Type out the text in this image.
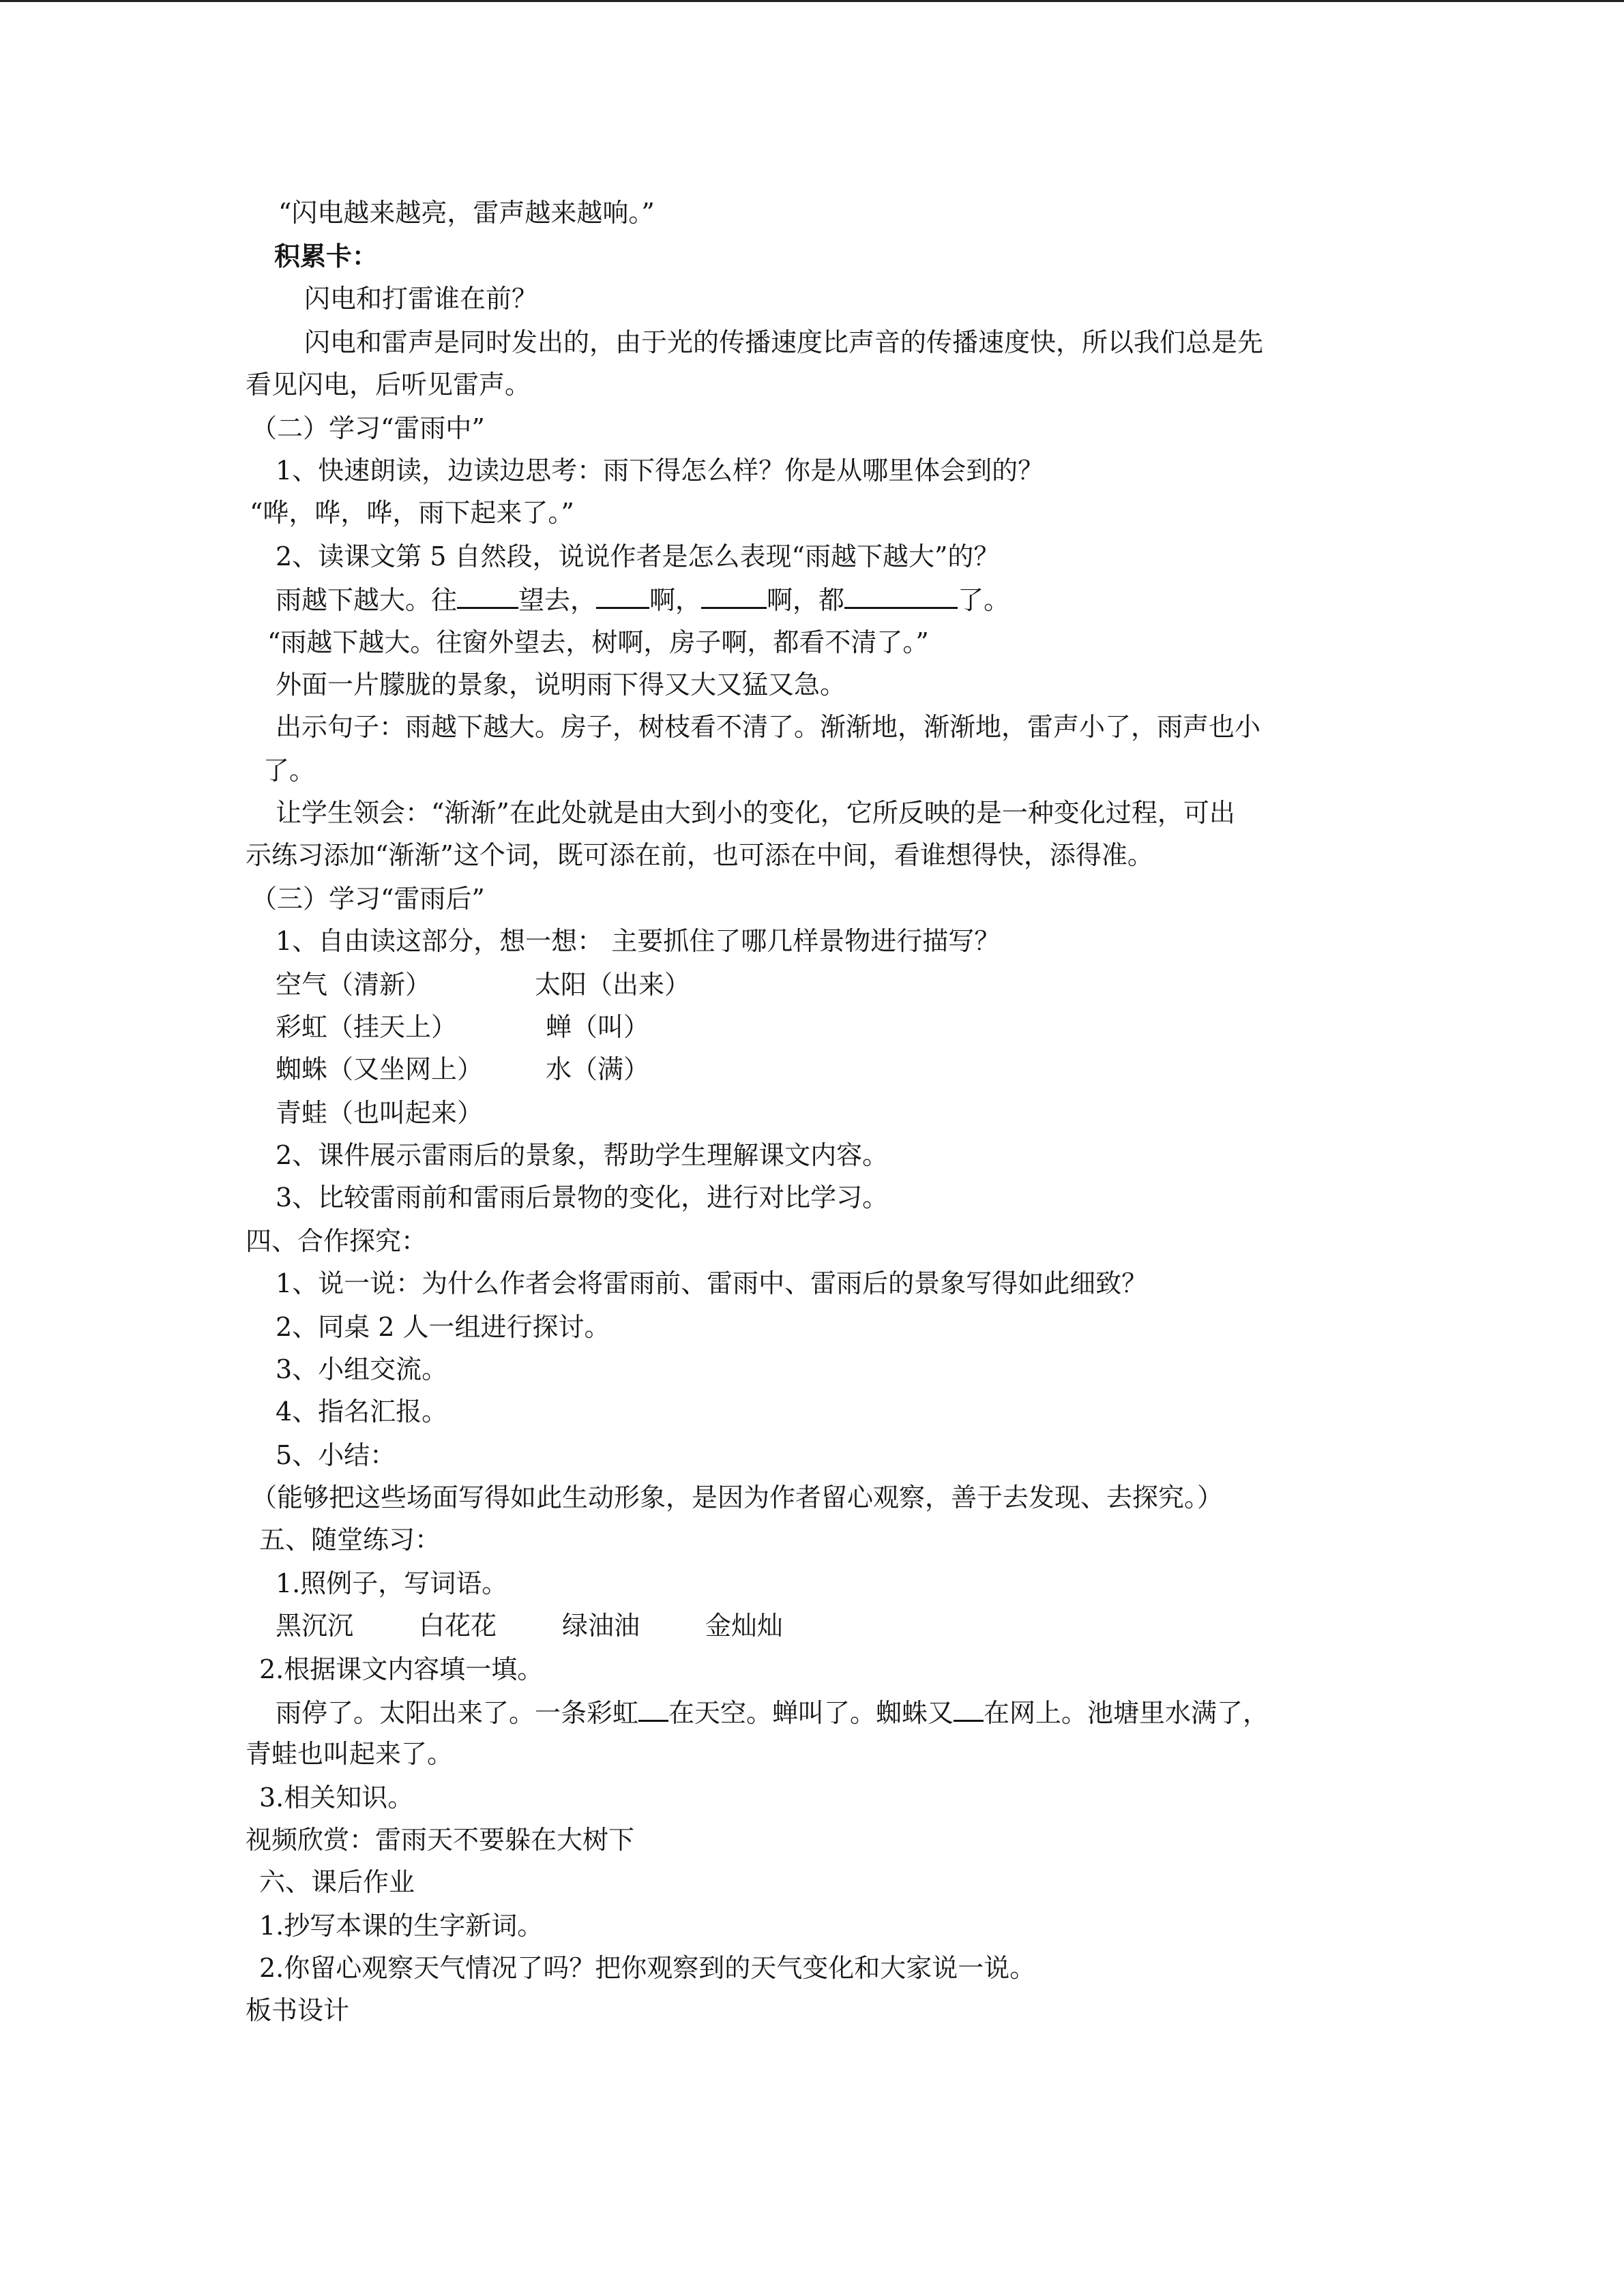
“闪电越来越亮，雷声越来越响。”
积累卡：
闪电和打雷谁在前？
闪电和雷声是同时发出的，由于光的传播速度比声音的传播速度快，所以我们总是先
看见闪电，后听见雷声。
（二）学习“雷雨中”
1、快速朗读，边读边思考：雨下得怎么样？你是从哪里体会到的？
“哗，哗，哗，雨下起来了。”
2、读课文第 5 自然段，说说作者是怎么表现“雨越下越大”的？
雨越下越大。往 望去， 啊，	啊，都	了。
“雨越下越大。往窗外望去，树啊，房子啊，都看不清了。”
外面一片朦胧的景象，说明雨下得又大又猛又急。
出示句子：雨越下越大。房子，树枝看不清了。渐渐地，渐渐地，雷声小了，雨声也小
了。
让学生领会：“渐渐”在此处就是由大到小的变化，它所反映的是一种变化过程，可出
示练习添加“渐渐”这个词，既可添在前，也可添在中间，看谁想得快，添得准。
（三）学习“雷雨后”
1、自由读这部分，想一想： 主要抓住了哪几样景物进行描写？
空气（清新）	太阳（出来）
彩虹（挂天上）	蝉（叫）
蜘蛛（又坐网上） 水（满）
青蛙（也叫起来）
2、课件展示雷雨后的景象，帮助学生理解课文内容。
3、比较雷雨前和雷雨后景物的变化，进行对比学习。
四、合作探究：
1、说一说：为什么作者会将雷雨前、雷雨中、雷雨后的景象写得如此细致？
2、同桌 2 人一组进行探讨。
3、小组交流。
4、指名汇报。
5、小结：
（能够把这些场面写得如此生动形象，是因为作者留心观察，善于去发现、去探究。）
五、随堂练习：
1.照例子，写词语。
黑沉沉	白花花	绿油油	金灿灿
2.根据课文内容填一填。
雨停了。太阳出来了。一条彩虹 在天空。蝉叫了。蜘蛛又 在网上。池塘里水满了，
青蛙也叫起来了。
3.相关知识。
视频欣赏：雷雨天不要躲在大树下
六、课后作业
1.抄写本课的生字新词。
2.你留心观察天气情况了吗？把你观察到的天气变化和大家说一说。
板书设计
